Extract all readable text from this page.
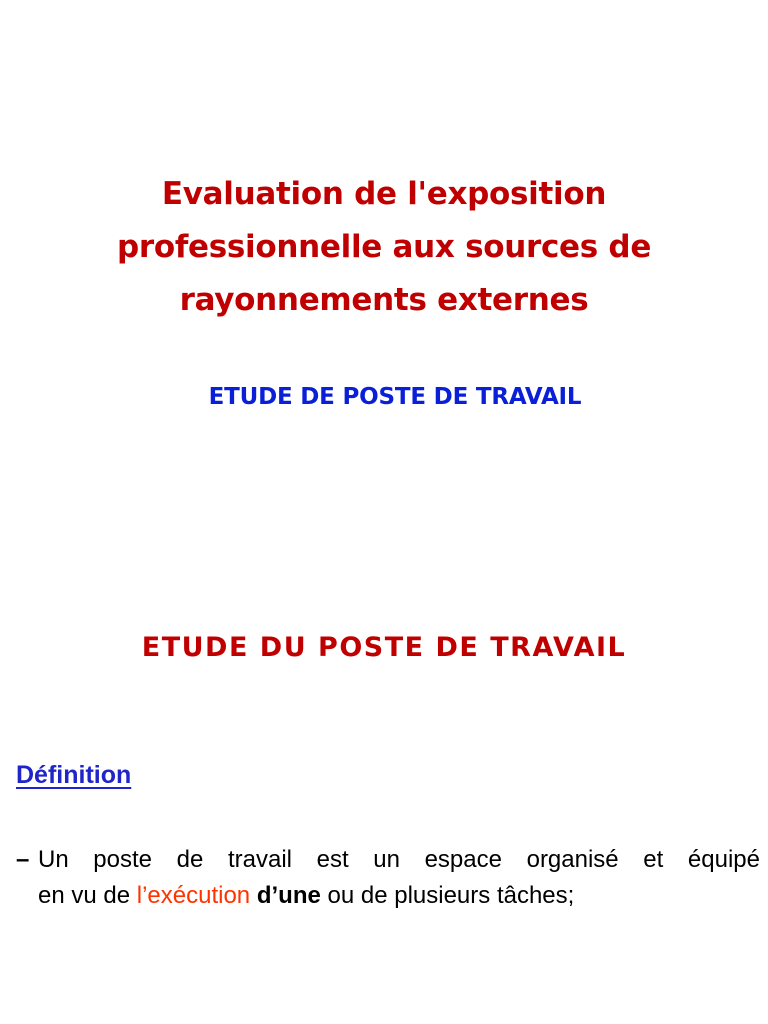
Evaluation de l'exposition
professionnelle aux sources de
rayonnements externes
ETUDE DE POSTE DE TRAVAIL
ETUDE DU POSTE DE TRAVAIL
Définition
– Un poste de travail est un espace organisé et équipé
en vu de l’exécution d’une ou de plusieurs tâches;
